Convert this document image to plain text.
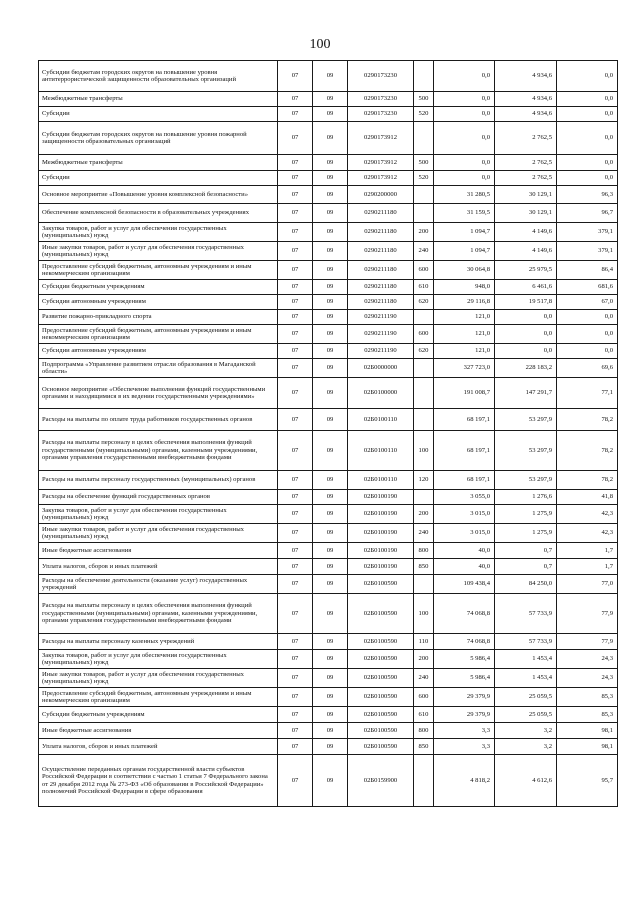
100
Субсидии бюджетам городских округов на повышение уровня антитеррористической защищенности образовательных организаций	07	09	0290173230		0,0	4 934,6	0,0
Межбюджетные трансферты	07	09	0290173230	500	0,0	4 934,6	0,0
Субсидии	07	09	0290173230	520	0,0	4 934,6	0,0
Субсидии бюджетам городских округов на повышение уровня пожарной защищенности образовательных организаций	07	09	0290173912		0,0	2 762,5	0,0
Межбюджетные трансферты	07	09	0290173912	500	0,0	2 762,5	0,0
Субсидии	07	09	0290173912	520	0,0	2 762,5	0,0
Основное мероприятие «Повышение уровня комплексной безопасности»	07	09	0290200000		31 280,5	30 129,1	96,3
Обеспечение комплексной безопасности в образовательных учреждениях	07	09	0290211180		31 159,5	30 129,1	96,7
Закупка товаров, работ и услуг для обеспечения государственных (муниципальных) нужд	07	09	0290211180	200	1 094,7	4 149,6	379,1
Иные закупки товаров, работ и услуг для обеспечения государственных (муниципальных) нужд	07	09	0290211180	240	1 094,7	4 149,6	379,1
Предоставление субсидий бюджетным, автономным учреждениям и иным некоммерческим организациям	07	09	0290211180	600	30 064,8	25 979,5	86,4
Субсидии бюджетным учреждениям	07	09	0290211180	610	948,0	6 461,6	681,6
Субсидии автономным учреждениям	07	09	0290211180	620	29 116,8	19 517,8	67,0
Развитие пожарно-прикладного спорта	07	09	0290211190		121,0	0,0	0,0
Предоставление субсидий бюджетным, автономным учреждениям и иным некоммерческим организациям	07	09	0290211190	600	121,0	0,0	0,0
Субсидии автономным учреждениям	07	09	0290211190	620	121,0	0,0	0,0
Подпрограмма «Управление развитием отрасли образования в Магаданской области»	07	09	02Б0000000		327 723,0	228 183,2	69,6
Основное мероприятие «Обеспечение выполнения функций государственными органами и находящимися в их ведении государственными учреждениями»	07	09	02Б0100000		191 008,7	147 291,7	77,1
Расходы на выплаты по оплате труда работников государственных органов	07	09	02Б0100110		68 197,1	53 297,9	78,2
Расходы на выплаты персоналу в целях обеспечения выполнения функций государственными (муниципальными) органами, казенными учреждениями, органами управления государственными внебюджетными фондами	07	09	02Б0100110	100	68 197,1	53 297,9	78,2
Расходы на выплаты персоналу государственных (муниципальных) органов	07	09	02Б0100110	120	68 197,1	53 297,9	78,2
Расходы на обеспечение функций государственных органов	07	09	02Б0100190		3 055,0	1 276,6	41,8
Закупка товаров, работ и услуг для обеспечения государственных (муниципальных) нужд	07	09	02Б0100190	200	3 015,0	1 275,9	42,3
Иные закупки товаров, работ и услуг для обеспечения государственных (муниципальных) нужд	07	09	02Б0100190	240	3 015,0	1 275,9	42,3
Иные бюджетные ассигнования	07	09	02Б0100190	800	40,0	0,7	1,7
Уплата налогов, сборов и иных платежей	07	09	02Б0100190	850	40,0	0,7	1,7
Расходы на обеспечение деятельности (оказание услуг) государственных учреждений	07	09	02Б0100590		109 438,4	84 250,0	77,0
Расходы на выплаты персоналу в целях обеспечения выполнения функций государственными (муниципальными) органами, казенными учреждениями, органами управления государственными внебюджетными фондами	07	09	02Б0100590	100	74 068,8	57 733,9	77,9
Расходы на выплаты персоналу казенных учреждений	07	09	02Б0100590	110	74 068,8	57 733,9	77,9
Закупка товаров, работ и услуг для обеспечения государственных (муниципальных) нужд	07	09	02Б0100590	200	5 986,4	1 453,4	24,3
Иные закупки товаров, работ и услуг для обеспечения государственных (муниципальных) нужд	07	09	02Б0100590	240	5 986,4	1 453,4	24,3
Предоставление субсидий бюджетным, автономным учреждениям и иным некоммерческим организациям	07	09	02Б0100590	600	29 379,9	25 059,5	85,3
Субсидии бюджетным учреждениям	07	09	02Б0100590	610	29 379,9	25 059,5	85,3
Иные бюджетные ассигнования	07	09	02Б0100590	800	3,3	3,2	98,1
Уплата налогов, сборов и иных платежей	07	09	02Б0100590	850	3,3	3,2	98,1
Осуществление переданных органам государственной власти субъектов Российской Федерации в соответствии с частью 1 статьи 7 Федерального закона от 29 декабря 2012 года № 273-ФЗ «Об образовании в Российской Федерации» полномочий Российской Федерации в сфере образования	07	09	02Б0159900		4 818,2	4 612,6	95,7
